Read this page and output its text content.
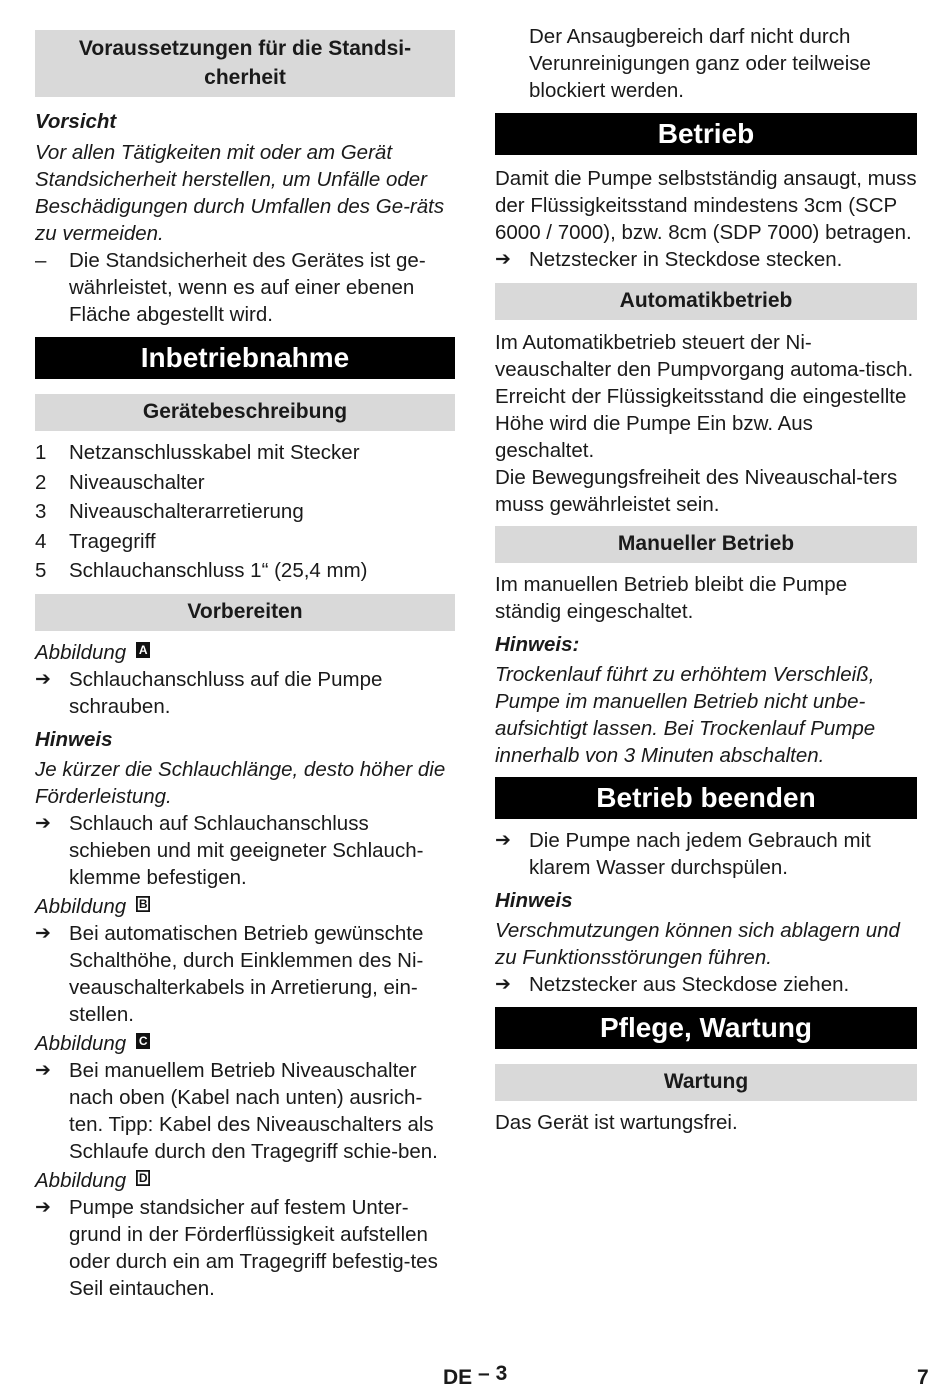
Voraussetzungen für die Standsi-
cherheit

Vorsicht

Vor allen Tätigkeiten mit oder am Gerät Standsicherheit herstellen, um Unfälle oder Beschädigungen durch Umfallen des Ge-räts zu vermeiden.

–	Die Standsicherheit des Gerätes ist ge-währleistet, wenn es auf einer ebenen Fläche abgestellt wird.
Inbetriebnahme
Gerätebeschreibung
1	Netzanschlusskabel mit Stecker
2	Niveauschalter
3	Niveauschalterarretierung
4	Tragegriff
5	Schlauchanschluss 1“ (25,4 mm)
Vorbereiten

Abbildung A

➔ Schlauchanschluss auf die Pumpe schrauben.

Hinweis

Je kürzer die Schlauchlänge, desto höher die Förderleistung.

➔ Schlauch auf Schlauchanschluss schieben und mit geeigneter Schlauch-klemme befestigen.

Abbildung B

➔ Bei automatischen Betrieb gewünschte Schalthöhe, durch Einklemmen des Ni-veauschalterkabels in Arretierung, ein-stellen.

Abbildung C

➔ Bei manuellem Betrieb Niveauschalter nach oben (Kabel nach unten) ausrich-ten. Tipp: Kabel des Niveauschalters als Schlaufe durch den Tragegriff schie-ben.

Abbildung D

➔ Pumpe standsicher auf festem Unter-grund in der Förderflüssigkeit aufstellen oder durch ein am Tragegriff befestig-tes Seil eintauchen.
Der Ansaugbereich darf nicht durch Verunreinigungen ganz oder teilweise blockiert werden.
Betrieb

Damit die Pumpe selbstständig ansaugt, muss der Flüssigkeitsstand mindestens 3cm (SCP 6000 / 7000), bzw. 8cm (SDP 7000) betragen.

➔ Netzstecker in Steckdose stecken.
Automatikbetrieb

Im Automatikbetrieb steuert der Ni-veauschalter den Pumpvorgang automa-tisch. Erreicht der Flüssigkeitsstand die eingestellte Höhe wird die Pumpe Ein bzw. Aus geschaltet.

Die Bewegungsfreiheit des Niveauschal-ters muss gewährleistet sein.

Manueller Betrieb

Im manuellen Betrieb bleibt die Pumpe ständig eingeschaltet.

Hinweis:

Trockenlauf führt zu erhöhtem Verschleiß, Pumpe im manuellen Betrieb nicht unbe-aufsichtigt lassen. Bei Trockenlauf Pumpe innerhalb von 3 Minuten abschalten.

Betrieb beenden
➔ Die Pumpe nach jedem Gebrauch mit klarem Wasser durchspülen.

Hinweis

Verschmutzungen können sich ablagern und zu Funktionsstörungen führen.

➔ Netzstecker aus Steckdose ziehen.
Pflege, Wartung
Wartung

Das Gerät ist wartungsfrei.

DE – 3	7
